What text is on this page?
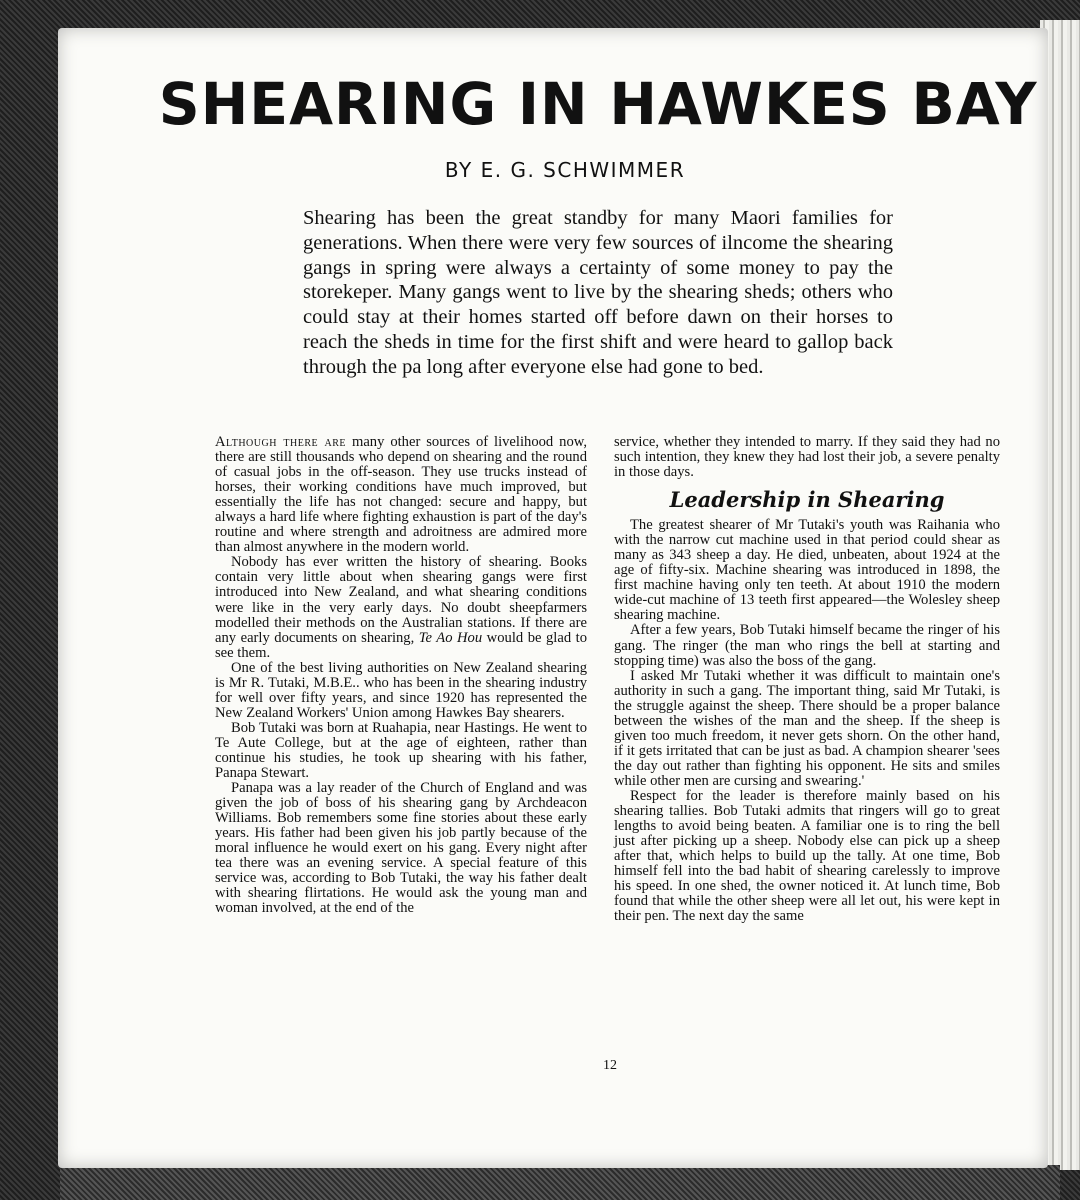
SHEARING IN HAWKES BAY
BY E. G. SCHWIMMER
Shearing has been the great standby for many Maori families for generations. When there were very few sources of ilncome the shearing gangs in spring were always a certainty of some money to pay the storekeper. Many gangs went to live by the shearing sheds; others who could stay at their homes started off before dawn on their horses to reach the sheds in time for the first shift and were heard to gallop back through the pa long after everyone else had gone to bed.

Although there are many other sources of livelihood now, there are still thousands who depend on shearing and the round of casual jobs in the off-season. They use trucks instead of horses, their working conditions have much improved, but essentially the life has not changed: secure and happy, but always a hard life where fighting exhaustion is part of the day's routine and where strength and adroitness are admired more than almost anywhere in the modern world.

Nobody has ever written the history of shearing. Books contain very little about when shearing gangs were first introduced into New Zealand, and what shearing conditions were like in the very early days. No doubt sheepfarmers modelled their methods on the Australian stations. If there are any early documents on shearing, Te Ao Hou would be glad to see them.

One of the best living authorities on New Zealand shearing is Mr R. Tutaki, M.B.E.. who has been in the shearing industry for well over fifty years, and since 1920 has represented the New Zealand Workers' Union among Hawkes Bay shearers.

Bob Tutaki was born at Ruahapia, near Hastings. He went to Te Aute College, but at the age of eighteen, rather than continue his studies, he took up shearing with his father, Panapa Stewart.

Panapa was a lay reader of the Church of England and was given the job of boss of his shearing gang by Archdeacon Williams. Bob remembers some fine stories about these early years. His father had been given his job partly because of the moral influence he would exert on his gang. Every night after tea there was an evening service. A special feature of this service was, according to Bob Tutaki, the way his father dealt with shearing flirtations. He would ask the young man and woman involved, at the end of the

service, whether they intended to marry. If they said they had no such intention, they knew they had lost their job, a severe penalty in those days.

Leadership in Shearing

The greatest shearer of Mr Tutaki's youth was Raihania who with the narrow cut machine used in that period could shear as many as 343 sheep a day. He died, unbeaten, about 1924 at the age of fifty-six. Machine shearing was introduced in 1898, the first machine having only ten teeth. At about 1910 the modern wide-cut machine of 13 teeth first appeared—the Wolesley sheep shearing machine.

After a few years, Bob Tutaki himself became the ringer of his gang. The ringer (the man who rings the bell at starting and stopping time) was also the boss of the gang.

I asked Mr Tutaki whether it was difficult to maintain one's authority in such a gang. The important thing, said Mr Tutaki, is the struggle against the sheep. There should be a proper balance between the wishes of the man and the sheep. If the sheep is given too much freedom, it never gets shorn. On the other hand, if it gets irritated that can be just as bad. A champion shearer 'sees the day out rather than fighting his opponent. He sits and smiles while other men are cursing and swearing.'

Respect for the leader is therefore mainly based on his shearing tallies. Bob Tutaki admits that ringers will go to great lengths to avoid being beaten. A familiar one is to ring the bell just after picking up a sheep. Nobody else can pick up a sheep after that, which helps to build up the tally. At one time, Bob himself fell into the bad habit of shearing carelessly to improve his speed. In one shed, the owner noticed it. At lunch time, Bob found that while the other sheep were all let out, his were kept in their pen. The next day the same

12
